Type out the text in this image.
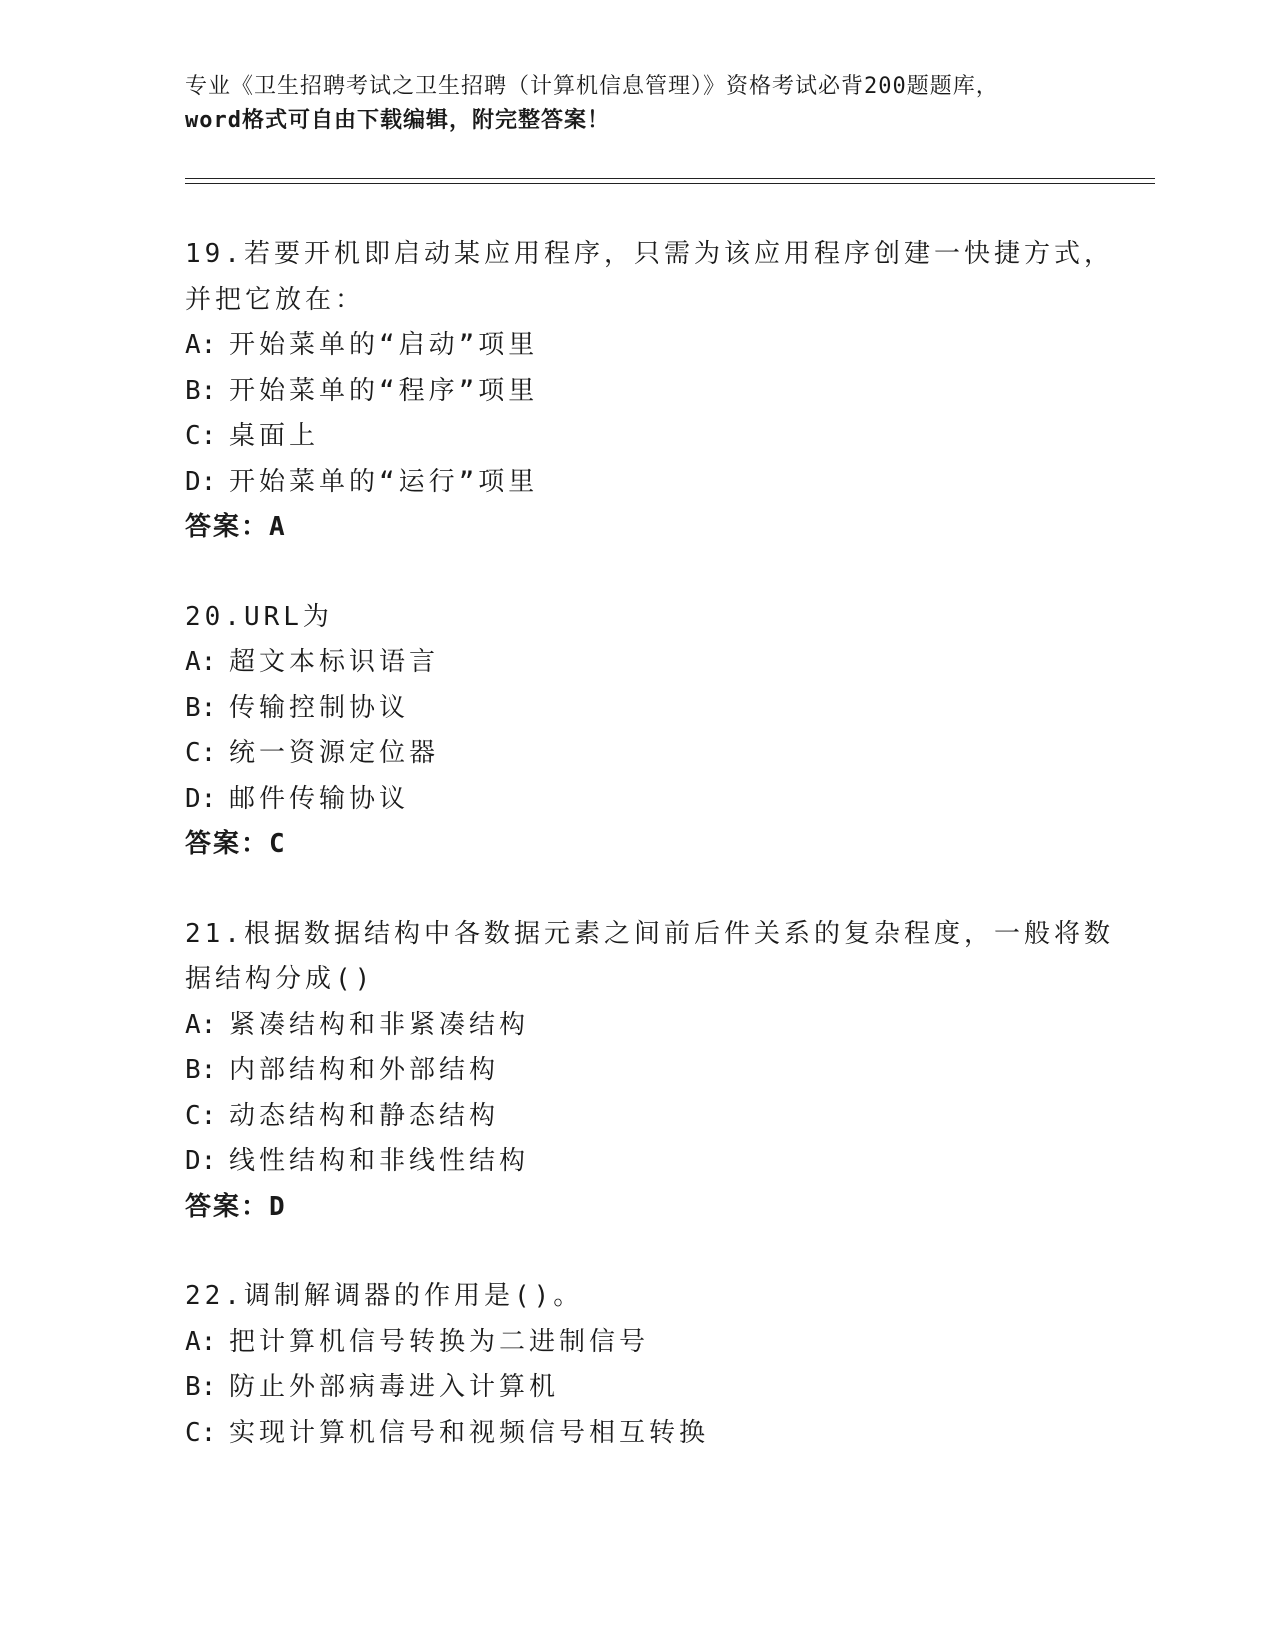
专业《卫生招聘考试之卫生招聘（计算机信息管理）》资格考试必背200题题库，
word格式可自由下载编辑，附完整答案！
19.若要开机即启动某应用程序，只需为该应用程序创建一快捷方式，
并把它放在：
A: 开始菜单的“启动”项里
B: 开始菜单的“程序”项里
C: 桌面上
D: 开始菜单的“运行”项里
答案：A
20.URL为
A: 超文本标识语言
B: 传输控制协议
C: 统一资源定位器
D: 邮件传输协议
答案：C
21.根据数据结构中各数据元素之间前后件关系的复杂程度，一般将数
据结构分成()
A: 紧凑结构和非紧凑结构
B: 内部结构和外部结构
C: 动态结构和静态结构
D: 线性结构和非线性结构
答案：D
22.调制解调器的作用是()。
A: 把计算机信号转换为二进制信号
B: 防止外部病毒进入计算机
C: 实现计算机信号和视频信号相互转换
